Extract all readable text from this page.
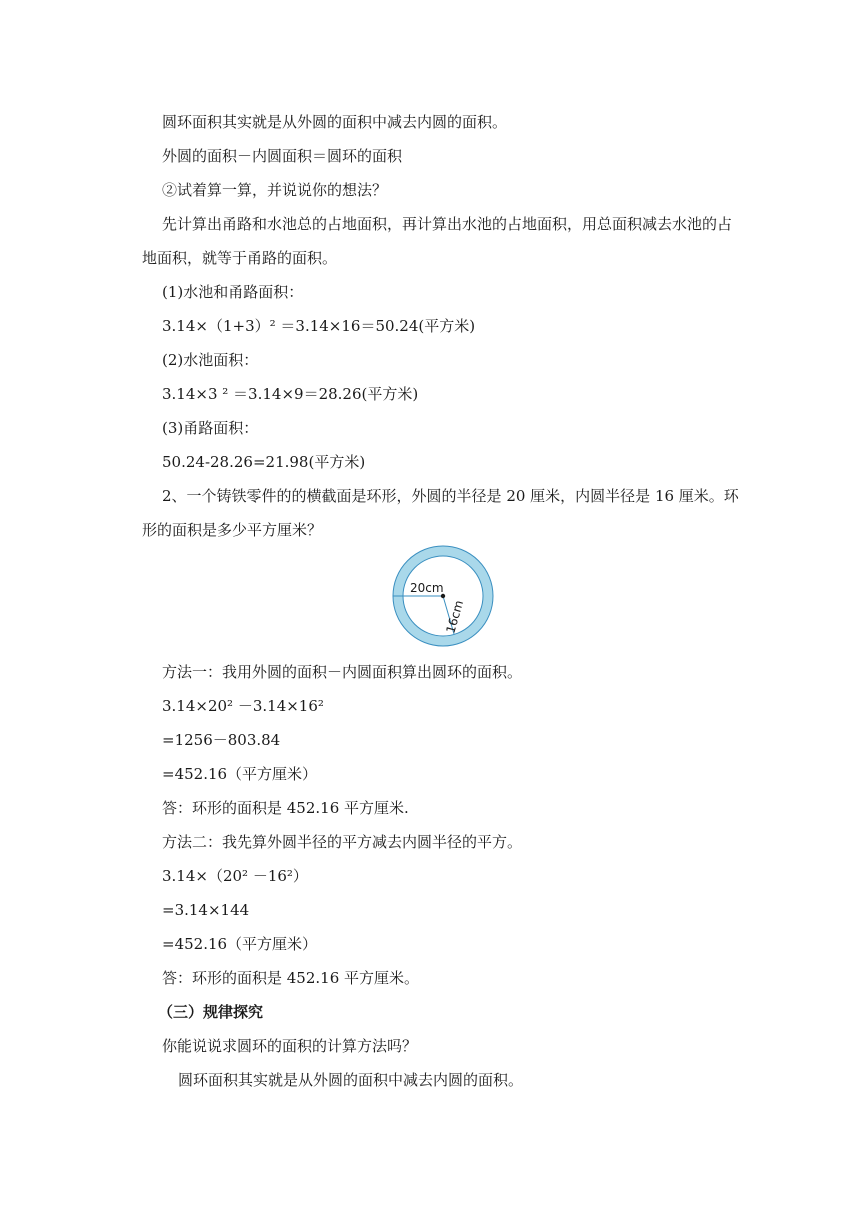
圆环面积其实就是从外圆的面积中减去内圆的面积。
外圆的面积－内圆面积＝圆环的面积
②试着算一算，并说说你的想法？
先计算出甬路和水池总的占地面积，再计算出水池的占地面积，用总面积减去水池的占
地面积，就等于甬路的面积。
(1)水池和甬路面积：
3.14×（1+3）² ＝3.14×16＝50.24(平方米)
(2)水池面积：
3.14×3 ² ＝3.14×9＝28.26(平方米)
(3)甬路面积：
50.24-28.26=21.98(平方米)
2、一个铸铁零件的的横截面是环形，外圆的半径是 20 厘米，内圆半径是 16 厘米。环
形的面积是多少平方厘米？
20cm
16cm
方法一：我用外圆的面积－内圆面积算出圆环的面积。
3.14×20² －3.14×16²
=1256－803.84
=452.16（平方厘米）
答：环形的面积是 452.16 平方厘米.
方法二：我先算外圆半径的平方减去内圆半径的平方。
3.14×（20² －16²）
=3.14×144
=452.16（平方厘米）
答：环形的面积是 452.16 平方厘米。
（三）规律探究
你能说说求圆环的面积的计算方法吗？
圆环面积其实就是从外圆的面积中减去内圆的面积。
